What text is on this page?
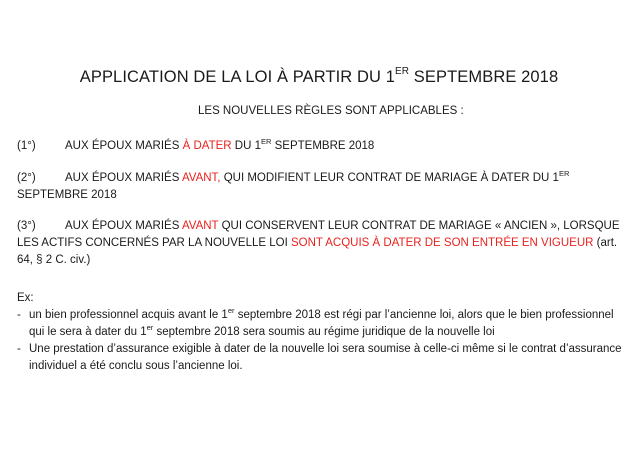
APPLICATION DE LA LOI À PARTIR DU 1ER SEPTEMBRE 2018
LES NOUVELLES RÈGLES SONT APPLICABLES :
(1°)	AUX ÉPOUX MARIÉS À DATER DU 1ER SEPTEMBRE 2018
(2°)	AUX ÉPOUX MARIÉS AVANT, QUI MODIFIENT LEUR CONTRAT DE MARIAGE À DATER DU 1ER SEPTEMBRE 2018
(3°)	AUX ÉPOUX MARIÉS AVANT QUI CONSERVENT LEUR CONTRAT DE MARIAGE « ANCIEN », LORSQUE LES ACTIFS CONCERNÉS PAR LA NOUVELLE LOI SONT ACQUIS À DATER DE SON ENTRÉE EN VIGUEUR (art. 64, § 2 C. civ.)
Ex:
- un bien professionnel acquis avant le 1er septembre 2018 est régi par l’ancienne loi, alors que le bien professionnel qui le sera à dater du 1er septembre 2018 sera soumis au régime juridique de la nouvelle loi
- Une prestation d’assurance exigible à dater de la nouvelle loi sera soumise à celle-ci même si le contrat d’assurance individuel a été conclu sous l’ancienne loi.
